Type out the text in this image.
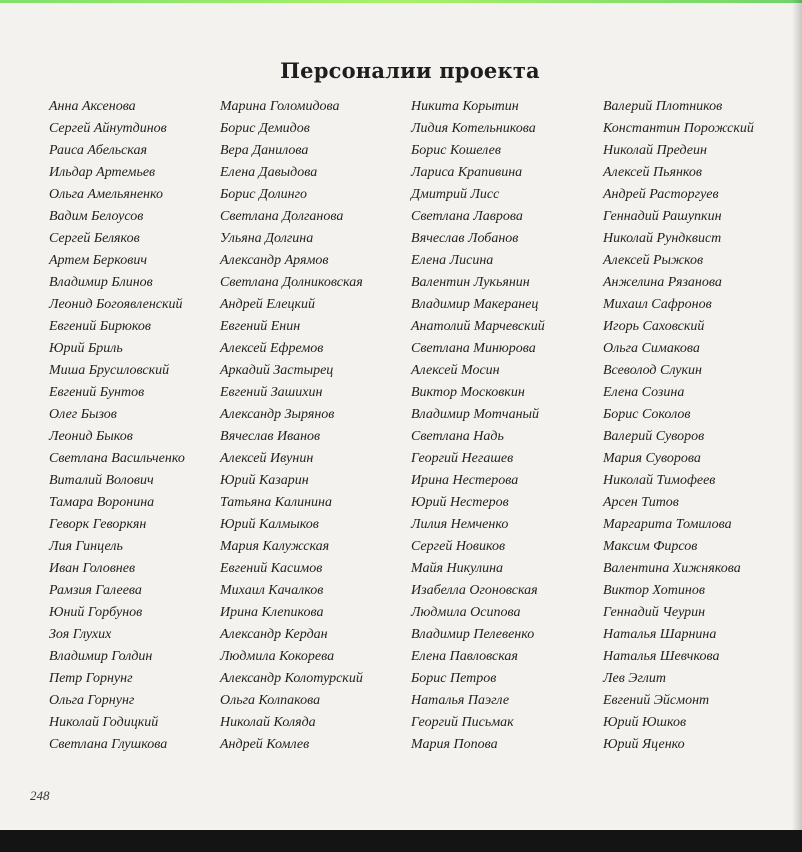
Персоналии проекта
Анна Аксенова
Сергей Айнутдинов
Раиса Абельская
Ильдар Артемьев
Ольга Амельяненко
Вадим Белоусов
Сергей Беляков
Артем Беркович
Владимир Блинов
Леонид Богоявленский
Евгений Бирюков
Юрий Бриль
Миша Брусиловский
Евгений Бунтов
Олег Бызов
Леонид Быков
Светлана Васильченко
Виталий Волович
Тамара Воронина
Геворк Геворкян
Лия Гинцель
Иван Головнев
Рамзия Галеева
Юний Горбунов
Зоя Глухих
Владимир Голдин
Петр Горнунг
Ольга Горнунг
Николай Годицкий
Светлана Глушкова
Марина Голомидова
Борис Демидов
Вера Данилова
Елена Давыдова
Борис Долинго
Светлана Долганова
Ульяна Долгина
Александр Арямов
Светлана Долниковская
Андрей Елецкий
Евгений Енин
Алексей Ефремов
Аркадий Застырец
Евгений Зашихин
Александр Зырянов
Вячеслав Иванов
Алексей Ивунин
Юрий Казарин
Татьяна Калинина
Юрий Калмыков
Мария Калужская
Евгений Касимов
Михаил Качалков
Ирина Клепикова
Александр Кердан
Людмила Кокорева
Александр Колотурский
Ольга Колпакова
Николай Коляда
Андрей Комлев
Никита Корытин
Лидия Котельникова
Борис Кошелев
Лариса Крапивина
Дмитрий Лисс
Светлана Лаврова
Вячеслав Лобанов
Елена Лисина
Валентин Лукьянин
Владимир Макеранец
Анатолий Марчевский
Светлана Минюрова
Алексей Мосин
Виктор Московкин
Владимир Мотчаный
Светлана Надь
Георгий Негашев
Ирина Нестерова
Юрий Нестеров
Лилия Немченко
Сергей Новиков
Майя Никулина
Изабелла Огоновская
Людмила Осипова
Владимир Пелевенко
Елена Павловская
Борис Петров
Наталья Паэгле
Георгий Письмак
Мария Попова
Валерий Плотников
Константин Порожский
Николай Предеин
Алексей Пьянков
Андрей Расторгуев
Геннадий Рашупкин
Николай Рундквист
Алексей Рыжков
Анжелина Рязанова
Михаил Сафронов
Игорь Саховский
Ольга Симакова
Всеволод Слукин
Елена Созина
Борис Соколов
Валерий Суворов
Мария Суворова
Николай Тимофеев
Арсен Титов
Маргарита Томилова
Максим Фирсов
Валентина Хижнякова
Виктор Хотинов
Геннадий Чеурин
Наталья Шарнина
Наталья Шевчкова
Лев Эглит
Евгений Эйсмонт
Юрий Юшков
Юрий Яценко
248
